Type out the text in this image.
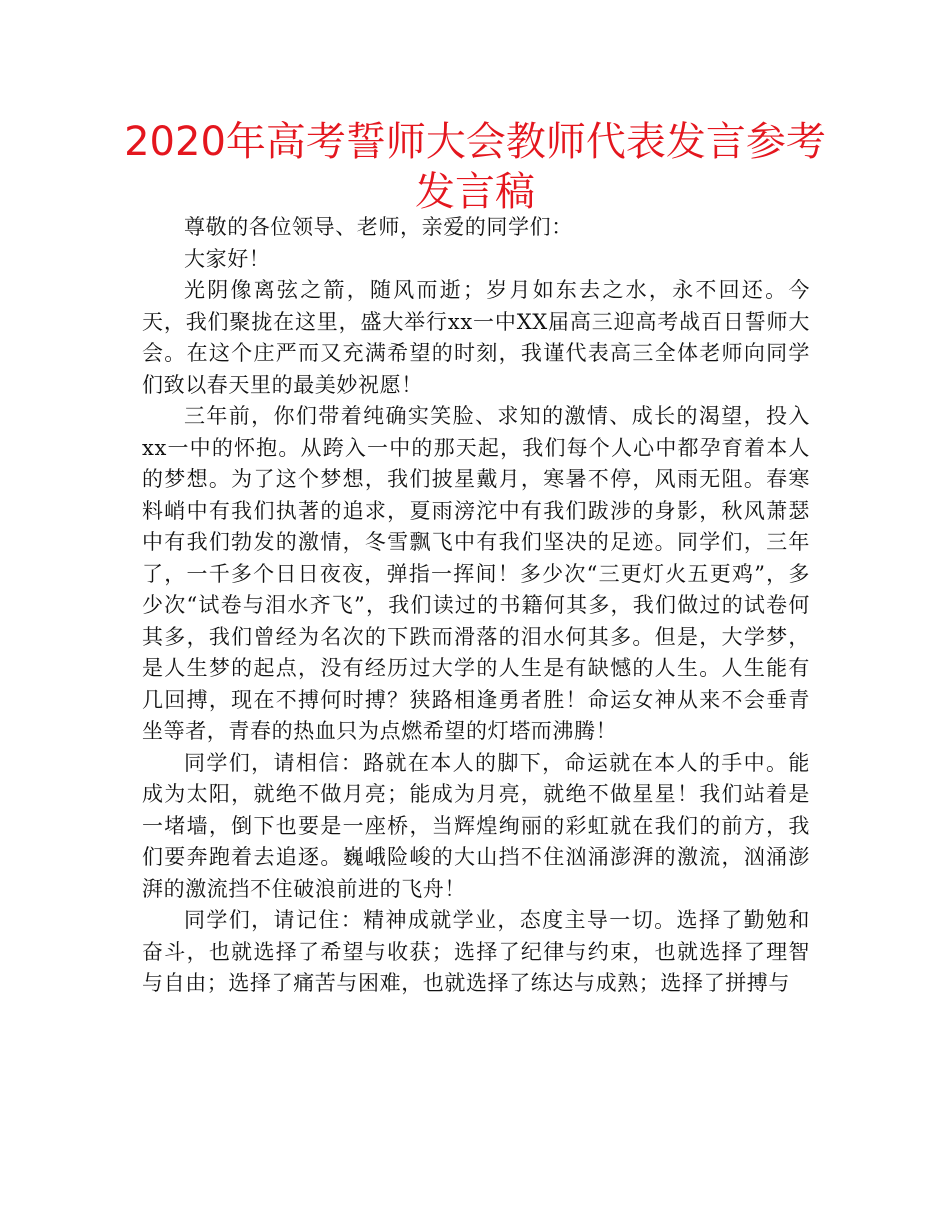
2020年高考誓师大会教师代表发言参考发言稿

尊敬的各位领导、老师，亲爱的同学们：

大家好！

光阴像离弦之箭，随风而逝；岁月如东去之水，永不回还。今天，我们聚拢在这里，盛大举行xx一中XX届高三迎高考战百日誓师大会。在这个庄严而又充满希望的时刻，我谨代表高三全体老师向同学们致以春天里的最美妙祝愿！

三年前，你们带着纯确实笑脸、求知的激情、成长的渴望，投入xx一中的怀抱。从跨入一中的那天起，我们每个人心中都孕育着本人的梦想。为了这个梦想，我们披星戴月，寒暑不停，风雨无阻。春寒料峭中有我们执著的追求，夏雨滂沱中有我们跋涉的身影，秋风萧瑟中有我们勃发的激情，冬雪飘飞中有我们坚决的足迹。同学们，三年了，一千多个日日夜夜，弹指一挥间！多少次“三更灯火五更鸡”，多少次“试卷与泪水齐飞”，我们读过的书籍何其多，我们做过的试卷何其多，我们曾经为名次的下跌而滑落的泪水何其多。但是，大学梦，是人生梦的起点，没有经历过大学的人生是有缺憾的人生。人生能有几回搏，现在不搏何时搏？狭路相逢勇者胜！命运女神从来不会垂青坐等者，青春的热血只为点燃希望的灯塔而沸腾！

同学们，请相信：路就在本人的脚下，命运就在本人的手中。能成为太阳，就绝不做月亮；能成为月亮，就绝不做星星！我们站着是一堵墙，倒下也要是一座桥，当辉煌绚丽的彩虹就在我们的前方，我们要奔跑着去追逐。巍峨险峻的大山挡不住汹涌澎湃的激流，汹涌澎湃的激流挡不住破浪前进的飞舟！

同学们，请记住：精神成就学业，态度主导一切。选择了勤勉和奋斗，也就选择了希望与收获；选择了纪律与约束，也就选择了理智与自由；选择了痛苦与困难，也就选择了练达与成熟；选择了拼搏与
